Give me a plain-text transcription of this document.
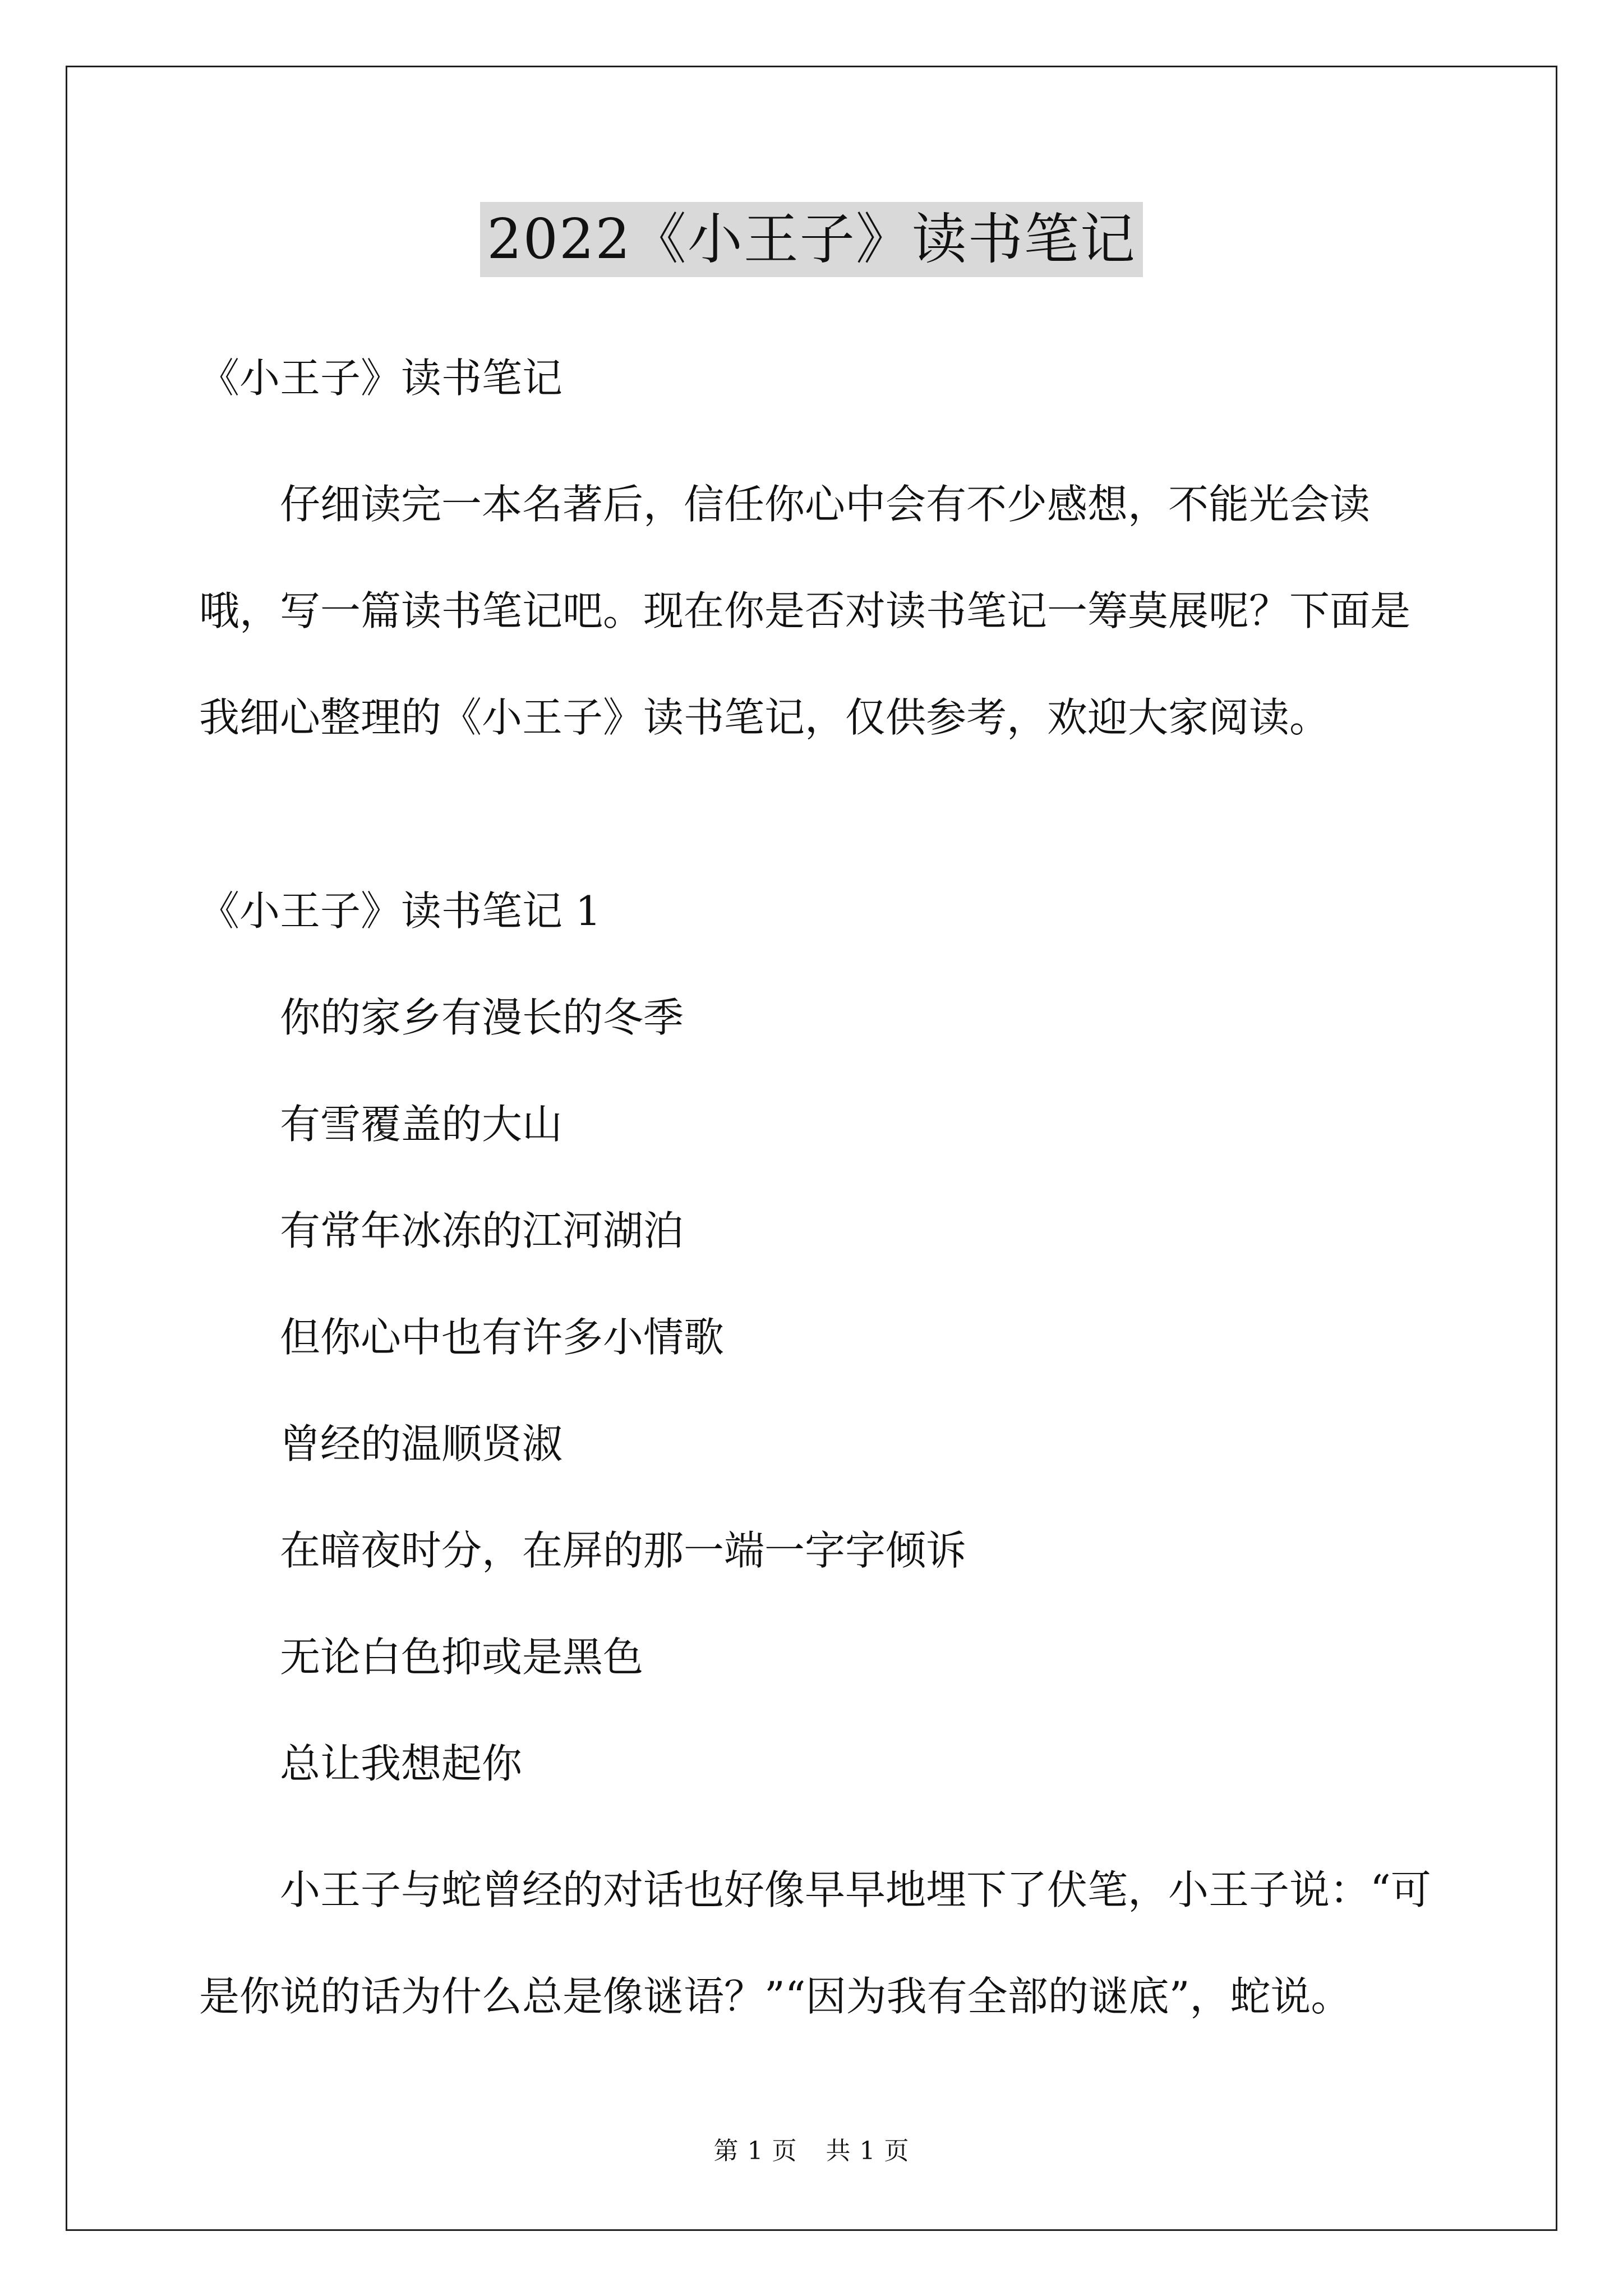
2022《小王子》读书笔记
《小王子》读书笔记

仔细读完一本名著后，信任你心中会有不少感想，不能光会读哦，写一篇读书笔记吧。现在你是否对读书笔记一筹莫展呢？下面是我细心整理的《小王子》读书笔记，仅供参考，欢迎大家阅读。

《小王子》读书笔记 1
你的家乡有漫长的冬季
有雪覆盖的大山
有常年冰冻的江河湖泊
但你心中也有许多小情歌
曾经的温顺贤淑
在暗夜时分，在屏的那一端一字字倾诉
无论白色抑或是黑色
总让我想起你

小王子与蛇曾经的对话也好像早早地埋下了伏笔，小王子说：“可是你说的话为什么总是像谜语？”“因为我有全部的谜底”，蛇说。

第 1 页 共 1 页
